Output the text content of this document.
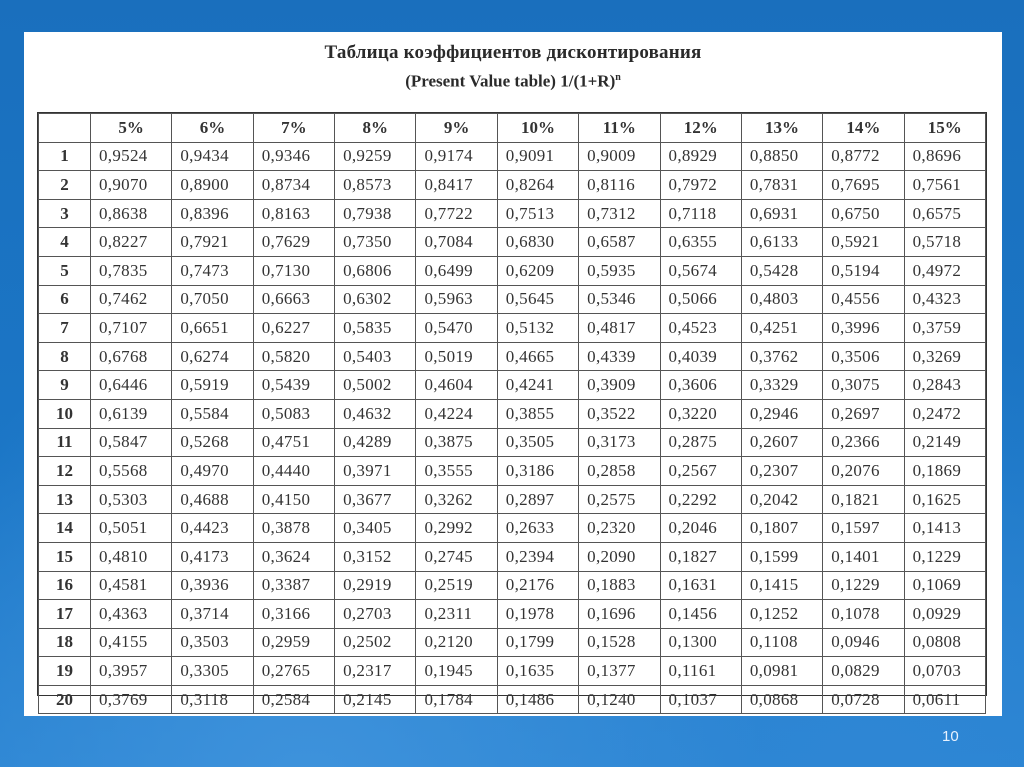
Таблица коэффициентов дисконтирования
(Present Value table) $1/(1+R)^n$
	5%	6%	7%	8%	9%	10%	11%	12%	13%	14%	15%
1	0,9524	0,9434	0,9346	0,9259	0,9174	0,9091	0,9009	0,8929	0,8850	0,8772	0,8696
2	0,9070	0,8900	0,8734	0,8573	0,8417	0,8264	0,8116	0,7972	0,7831	0,7695	0,7561
3	0,8638	0,8396	0,8163	0,7938	0,7722	0,7513	0,7312	0,7118	0,6931	0,6750	0,6575
4	0,8227	0,7921	0,7629	0,7350	0,7084	0,6830	0,6587	0,6355	0,6133	0,5921	0,5718
5	0,7835	0,7473	0,7130	0,6806	0,6499	0,6209	0,5935	0,5674	0,5428	0,5194	0,4972
6	0,7462	0,7050	0,6663	0,6302	0,5963	0,5645	0,5346	0,5066	0,4803	0,4556	0,4323
7	0,7107	0,6651	0,6227	0,5835	0,5470	0,5132	0,4817	0,4523	0,4251	0,3996	0,3759
8	0,6768	0,6274	0,5820	0,5403	0,5019	0,4665	0,4339	0,4039	0,3762	0,3506	0,3269
9	0,6446	0,5919	0,5439	0,5002	0,4604	0,4241	0,3909	0,3606	0,3329	0,3075	0,2843
10	0,6139	0,5584	0,5083	0,4632	0,4224	0,3855	0,3522	0,3220	0,2946	0,2697	0,2472
11	0,5847	0,5268	0,4751	0,4289	0,3875	0,3505	0,3173	0,2875	0,2607	0,2366	0,2149
12	0,5568	0,4970	0,4440	0,3971	0,3555	0,3186	0,2858	0,2567	0,2307	0,2076	0,1869
13	0,5303	0,4688	0,4150	0,3677	0,3262	0,2897	0,2575	0,2292	0,2042	0,1821	0,1625
14	0,5051	0,4423	0,3878	0,3405	0,2992	0,2633	0,2320	0,2046	0,1807	0,1597	0,1413
15	0,4810	0,4173	0,3624	0,3152	0,2745	0,2394	0,2090	0,1827	0,1599	0,1401	0,1229
16	0,4581	0,3936	0,3387	0,2919	0,2519	0,2176	0,1883	0,1631	0,1415	0,1229	0,1069
17	0,4363	0,3714	0,3166	0,2703	0,2311	0,1978	0,1696	0,1456	0,1252	0,1078	0,0929
18	0,4155	0,3503	0,2959	0,2502	0,2120	0,1799	0,1528	0,1300	0,1108	0,0946	0,0808
19	0,3957	0,3305	0,2765	0,2317	0,1945	0,1635	0,1377	0,1161	0,0981	0,0829	0,0703
20	0,3769	0,3118	0,2584	0,2145	0,1784	0,1486	0,1240	0,1037	0,0868	0,0728	0,0611
10
